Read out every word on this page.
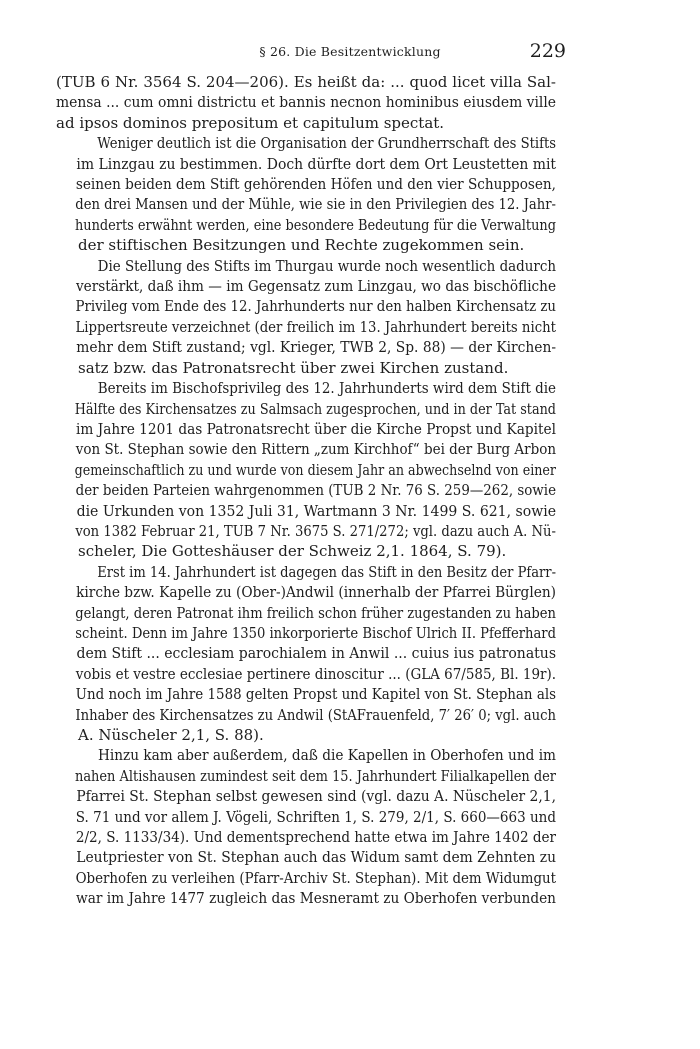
§ 26. Die Besitzentwicklung	229

(TUB 6 Nr. 3564 S. 204—206). Es heißt da: ... quod licet villa Sal-
mensa ... cum omni districtu et bannis necnon hominibus eiusdem ville
ad ipsos dominos prepositum et capitulum spectat.

Weniger deutlich ist die Organisation der Grundherrschaft des Stiftsim Linzgau zu bestimmen. Doch dürfte dort dem Ort Leustetten mitseinen beiden dem Stift gehörenden Höfen und den vier Schupposen,den drei Mansen und der Mühle, wie sie in den Privilegien des 12. Jahr-hunderts erwähnt werden, eine besondere Bedeutung für die Verwaltung
der stiftischen Besitzungen und Rechte zugekommen sein.

Die Stellung des Stifts im Thurgau wurde noch wesentlich dadurchverstärkt, daß ihm — im Gegensatz zum Linzgau, wo das bischöflichePrivileg vom Ende des 12. Jahrhunderts nur den halben Kirchensatz zuLippertsreute verzeichnet (der freilich im 13. Jahrhundert bereits nichtmehr dem Stift zustand; vgl. Krieger, TWB 2, Sp. 88) — der Kirchen-
satz bzw. das Patronatsrecht über zwei Kirchen zustand.

Bereits im Bischofsprivileg des 12. Jahrhunderts wird dem Stift dieHälfte des Kirchensatzes zu Salmsach zugesprochen, und in der Tat standim Jahre 1201 das Patronatsrecht über die Kirche Propst und Kapitelvon St. Stephan sowie den Rittern „zum Kirchhof“ bei der Burg Arbongemeinschaftlich zu und wurde von diesem Jahr an abwechselnd von einerder beiden Parteien wahrgenommen (TUB 2 Nr. 76 S. 259—262, sowiedie Urkunden von 1352 Juli 31, Wartmann 3 Nr. 1499 S. 621, sowievon 1382 Februar 21, TUB 7 Nr. 3675 S. 271/272; vgl. dazu auch A. Nü-
scheler, Die Gotteshäuser der Schweiz 2,1. 1864, S. 79).

Erst im 14. Jahrhundert ist dagegen das Stift in den Besitz der Pfarr-kirche bzw. Kapelle zu (Ober-)Andwil (innerhalb der Pfarrei Bürglen)gelangt, deren Patronat ihm freilich schon früher zugestanden zu habenscheint. Denn im Jahre 1350 inkorporierte Bischof Ulrich II. Pfefferharddem Stift ... ecclesiam parochialem in Anwil ... cuius ius patronatusvobis et vestre ecclesiae pertinere dinoscitur ... (GLA 67/585, Bl. 19r).Und noch im Jahre 1588 gelten Propst und Kapitel von St. Stephan alsInhaber des Kirchensatzes zu Andwil (StAFrauenfeld, 7′ 26′ 0; vgl. auch
A. Nüscheler 2,1, S. 88).

Hinzu kam aber außerdem, daß die Kapellen in Oberhofen und imnahen Altishausen zumindest seit dem 15. Jahrhundert Filialkapellen derPfarrei St. Stephan selbst gewesen sind (vgl. dazu A. Nüscheler 2,1,S. 71 und vor allem J. Vögeli, Schriften 1, S. 279, 2/1, S. 660—663 und2/2, S. 1133/34). Und dementsprechend hatte etwa im Jahre 1402 derLeutpriester von St. Stephan auch das Widum samt dem Zehnten zuOberhofen zu verleihen (Pfarr-Archiv St. Stephan). Mit dem Widumgutwar im Jahre 1477 zugleich das Mesneramt zu Oberhofen verbunden
